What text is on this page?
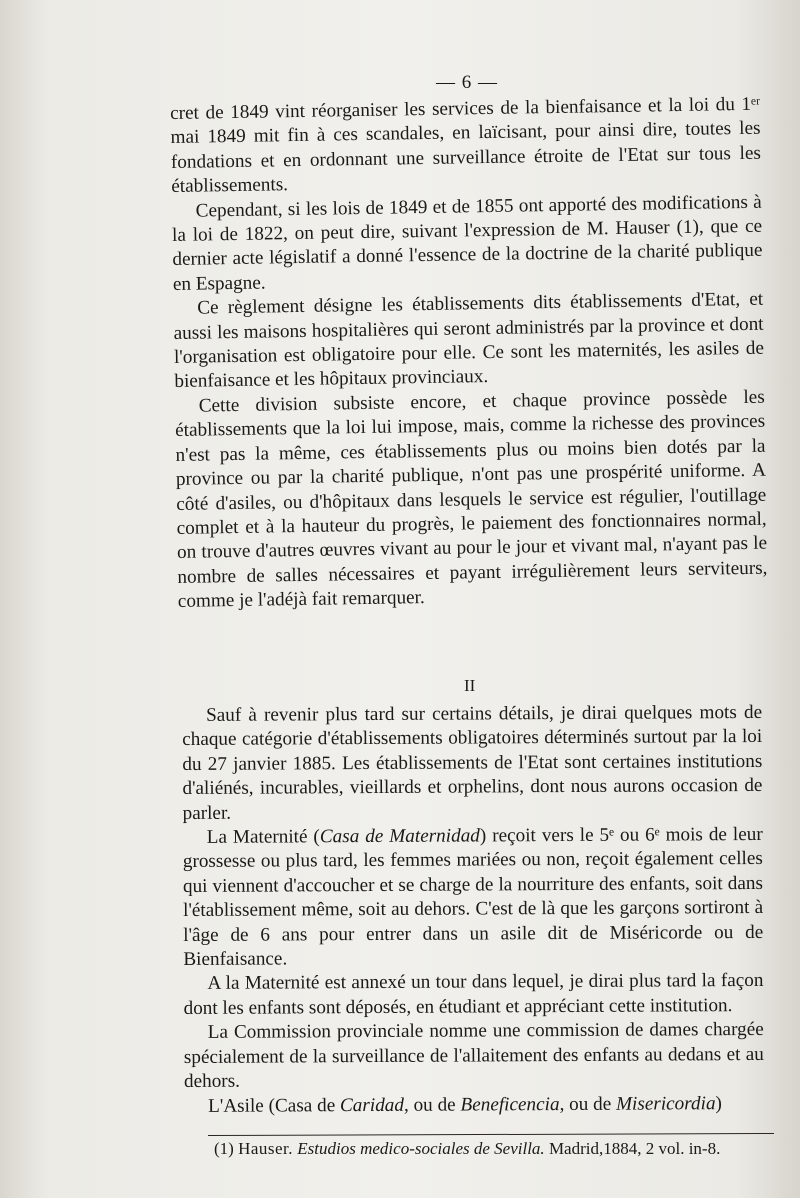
— 6 —

cret de 1849 vint réorganiser les services de la bienfaisance et la loi du 1ᵉʳ mai 1849 mit fin à ces scandales, en laïcisant, pour ainsi dire, toutes les fondations et en ordonnant une surveillance étroite de l'Etat sur tous les établissements.

Cependant, si les lois de 1849 et de 1855 ont apporté des modifications à la loi de 1822, on peut dire, suivant l'expression de M. Hauser (1), que ce dernier acte législatif a donné l'essence de la doctrine de la charité publique en Espagne.

Ce règlement désigne les établissements dits établissements d'Etat, et aussi les maisons hospitalières qui seront administrés par la province et dont l'organisation est obligatoire pour elle. Ce sont les maternités, les asiles de bienfaisance et les hôpitaux provinciaux.

Cette division subsiste encore, et chaque province possède les établissements que la loi lui impose, mais, comme la richesse des provinces n'est pas la même, ces établissements plus ou moins bien dotés par la province ou par la charité publique, n'ont pas une prospérité uniforme. A côté d'asiles, ou d'hôpitaux dans lesquels le service est régulier, l'outillage complet et à la hauteur du progrès, le paiement des fonctionnaires normal, on trouve d'autres œuvres vivant au pour le jour et vivant mal, n'ayant pas le nombre de salles nécessaires et payant irrégulièrement leurs serviteurs, comme je l'adéjà fait remarquer.

II

Sauf à revenir plus tard sur certains détails, je dirai quelques mots de chaque catégorie d'établissements obligatoires déterminés surtout par la loi du 27 janvier 1885. Les établissements de l'Etat sont certaines institutions d'aliénés, incurables, vieillards et orphelins, dont nous aurons occasion de parler.

La Maternité (Casa de Maternidad) reçoit vers le 5ᵉ ou 6ᵉ mois de leur grossesse ou plus tard, les femmes mariées ou non, reçoit également celles qui viennent d'accoucher et se charge de la nourriture des enfants, soit dans l'établissement même, soit au dehors. C'est de là que les garçons sortiront à l'âge de 6 ans pour entrer dans un asile dit de Miséricorde ou de Bienfaisance.

A la Maternité est annexé un tour dans lequel, je dirai plus tard la façon dont les enfants sont déposés, en étudiant et appréciant cette institution.

La Commission provinciale nomme une commission de dames chargée spécialement de la surveillance de l'allaitement des enfants au dedans et au dehors.

L'Asile (Casa de Caridad, ou de Beneficencia, ou de Misericordia)

(1) Hauser. Estudios medico-sociales de Sevilla. Madrid,1884, 2 vol. in-8.
